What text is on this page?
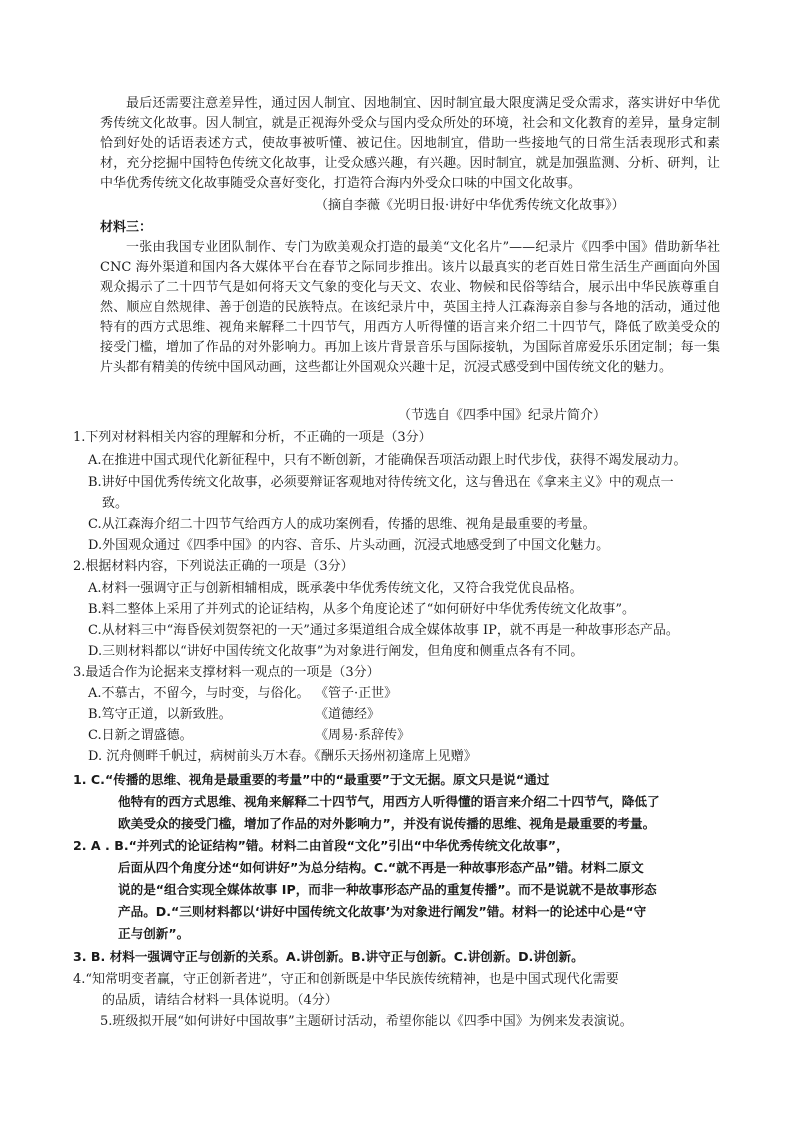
最后还需要注意差异性，通过因人制宜、因地制宜、因时制宜最大限度满足受众需求，落实讲好中华优秀传统文化故事。因人制宜，就是正视海外受众与国内受众所处的环境，社会和文化教育的差异，量身定制恰到好处的话语表述方式，使故事被听懂、被记住。因地制宜，借助一些接地气的日常生活表现形式和素材，充分挖掘中国特色传统文化故事，让受众感兴趣，有兴趣。因时制宜，就是加强监测、分析、研判，让中华优秀传统文化故事随受众喜好变化，打造符合海内外受众口味的中国文化故事。

（摘自李薇《光明日报·讲好中华优秀传统文化故事》）
材料三：

一张由我国专业团队制作、专门为欧美观众打造的最美“文化名片”——纪录片《四季中国》借助新华社 CNC 海外渠道和国内各大媒体平台在春节之际同步推出。该片以最真实的老百姓日常生活生产画面向外国观众揭示了二十四节气是如何将天文气象的变化与天文、农业、物候和民俗等结合，展示出中华民族尊重自然、顺应自然规律、善于创造的民族特点。在该纪录片中，英国主持人江森海亲自参与各地的活动，通过他特有的西方式思维、视角来解释二十四节气，用西方人听得懂的语言来介绍二十四节气，降低了欧美受众的接受门槛，增加了作品的对外影响力。再加上该片背景音乐与国际接轨，为国际首席爱乐乐团定制；每一集片头都有精美的传统中国风动画，这些都让外国观众兴趣十足，沉浸式感受到中国传统文化的魅力。

（节选自《四季中国》纪录片简介）
1.下列对材料相关内容的理解和分析，不正确的一项是（3分）
A.在推进中国式现代化新征程中，只有不断创新，才能确保吾项活动跟上时代步伐，获得不竭发展动力。
B.讲好中国优秀传统文化故事，必须要辩证客观地对待传统文化，这与鲁迅在《拿来主义》中的观点一
致。
C.从江森海介绍二十四节气给西方人的成功案例看，传播的思维、视角是最重要的考量。
D.外国观众通过《四季中国》的内容、音乐、片头动画，沉浸式地感受到了中国文化魅力。
2.根据材料内容，下列说法正确的一项是（3分）
A.材料一强调守正与创新相辅相成，既承袭中华优秀传统文化，又符合我党优良品格。
B.料二整体上采用了并列式的论证结构，从多个角度论述了“如何研好中华优秀传统文化故事”。
C.从材料三中“海昏侯刘贺祭祀的一天”通过多渠道组合成全媒体故事 IP，就不再是一种故事形态产品。
D.三则材料都以“讲好中国传统文化故事”为对象进行阐发，但角度和侧重点各有不同。
3.最适合作为论据来支撑材料一观点的一项是（3分）
A.不慕古，不留今，与时变，与俗化。 《管子·正世》
B.笃守正道，以新致胜。	《道德经》
C.日新之谓盛德。	《周易·系辞传》
D. 沉舟侧畔千帆过，病树前头万木春。《酬乐天扬州初逢席上见赠》
1. C.“传播的思维、视角是最重要的考量”中的“最重要”于文无据。原文只是说“通过
他特有的西方式思维、视角来解释二十四节气，用西方人听得懂的语言来介绍二十四节气，降低了
欧美受众的接受门槛，增加了作品的对外影响力”，并没有说传播的思维、视角是最重要的考量。
2. A . B.“并列式的论证结构”错。材料二由首段“文化”引出“中华优秀传统文化故事”，
后面从四个角度分述“如何讲好”为总分结构。C.“就不再是一种故事形态产品”错。材料二原文
说的是“组合实现全媒体故事 IP，而非一种故事形态产品的重复传播”。而不是说就不是故事形态
产品。D.“三则材料都以‘讲好中国传统文化故事’为对象进行阐发”错。材料一的论述中心是“守
正与创新”。
3. B. 材料一强调守正与创新的关系。A.讲创新。B.讲守正与创新。C.讲创新。D.讲创新。
4.“知常明变者赢，守正创新者进”，守正和创新既是中华民族传统精神，也是中国式现代化需要
的品质，请结合材料一具体说明。（4分）
5.班级拟开展“如何讲好中国故事”主题研讨活动，希望你能以《四季中国》为例来发表演说。
